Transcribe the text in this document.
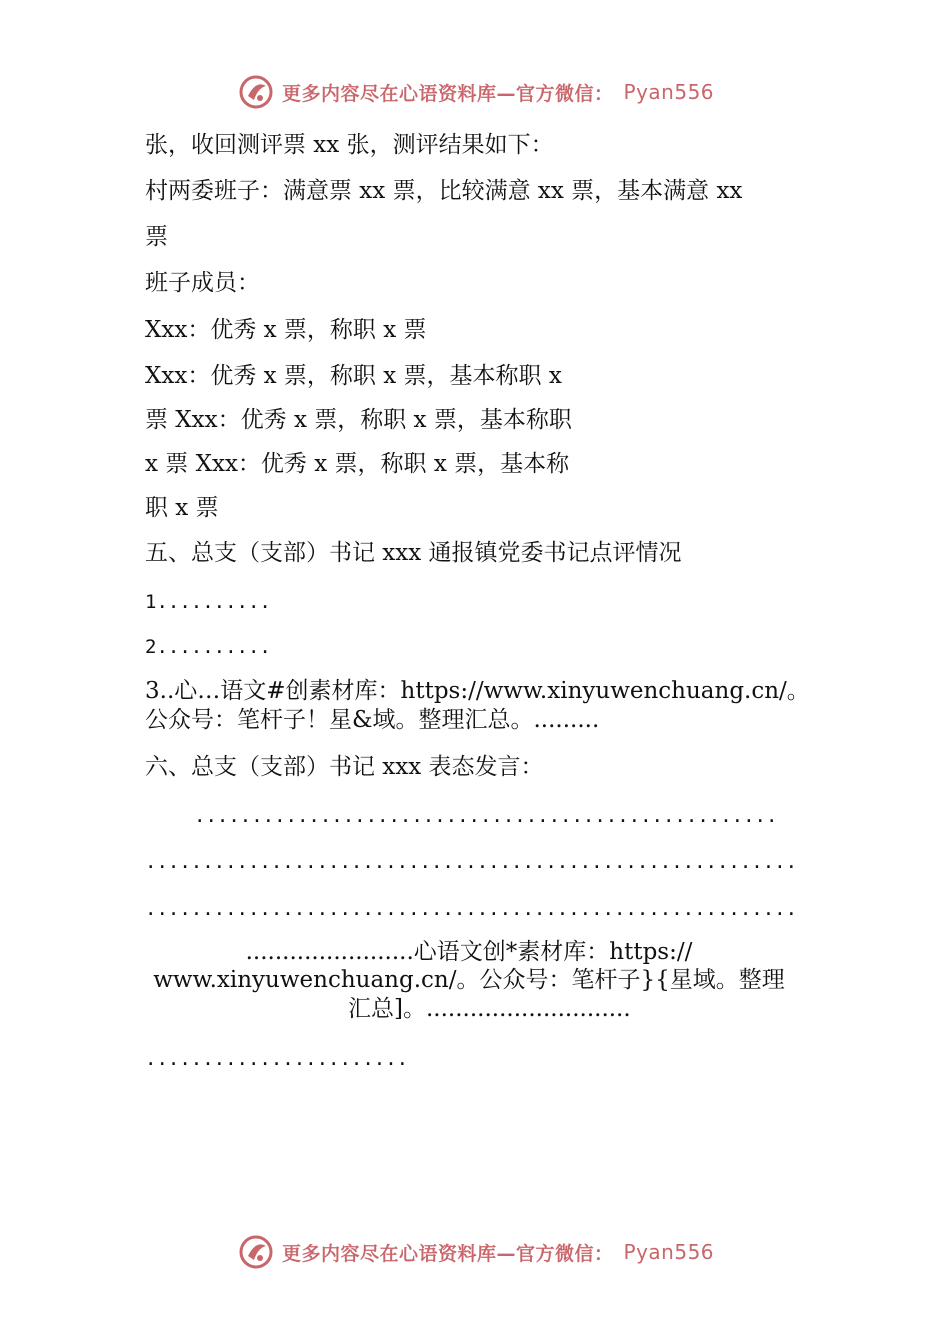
更多内容尽在心语资料库—官方微信： Pyan556
张，收回测评票 xx 张，测评结果如下：
村两委班子：满意票 xx 票，比较满意 xx 票，基本满意 xx
票
班子成员：
Xxx：优秀 x 票，称职 x 票
Xxx：优秀 x 票，称职 x 票，基本称职 x
票 Xxx：优秀 x 票，称职 x 票，基本称职
x 票 Xxx：优秀 x 票，称职 x 票，基本称
职 x 票
五、总支（支部）书记 xxx 通报镇党委书记点评情况
1..........
2..........
3..心…语文#创素材库：https://www.xinyuwenchuang.cn/。
公众号：笔杆子！星&域。整理汇总。.........
六、总支（支部）书记 xxx 表态发言：
...................................................
.........................................................
.........................................................
.......................心语文创*素材库：https://
www.xinyuwenchuang.cn/。公众号：笔杆子}{星域。整理
汇总]。............................
.......................
更多内容尽在心语资料库—官方微信： Pyan556
